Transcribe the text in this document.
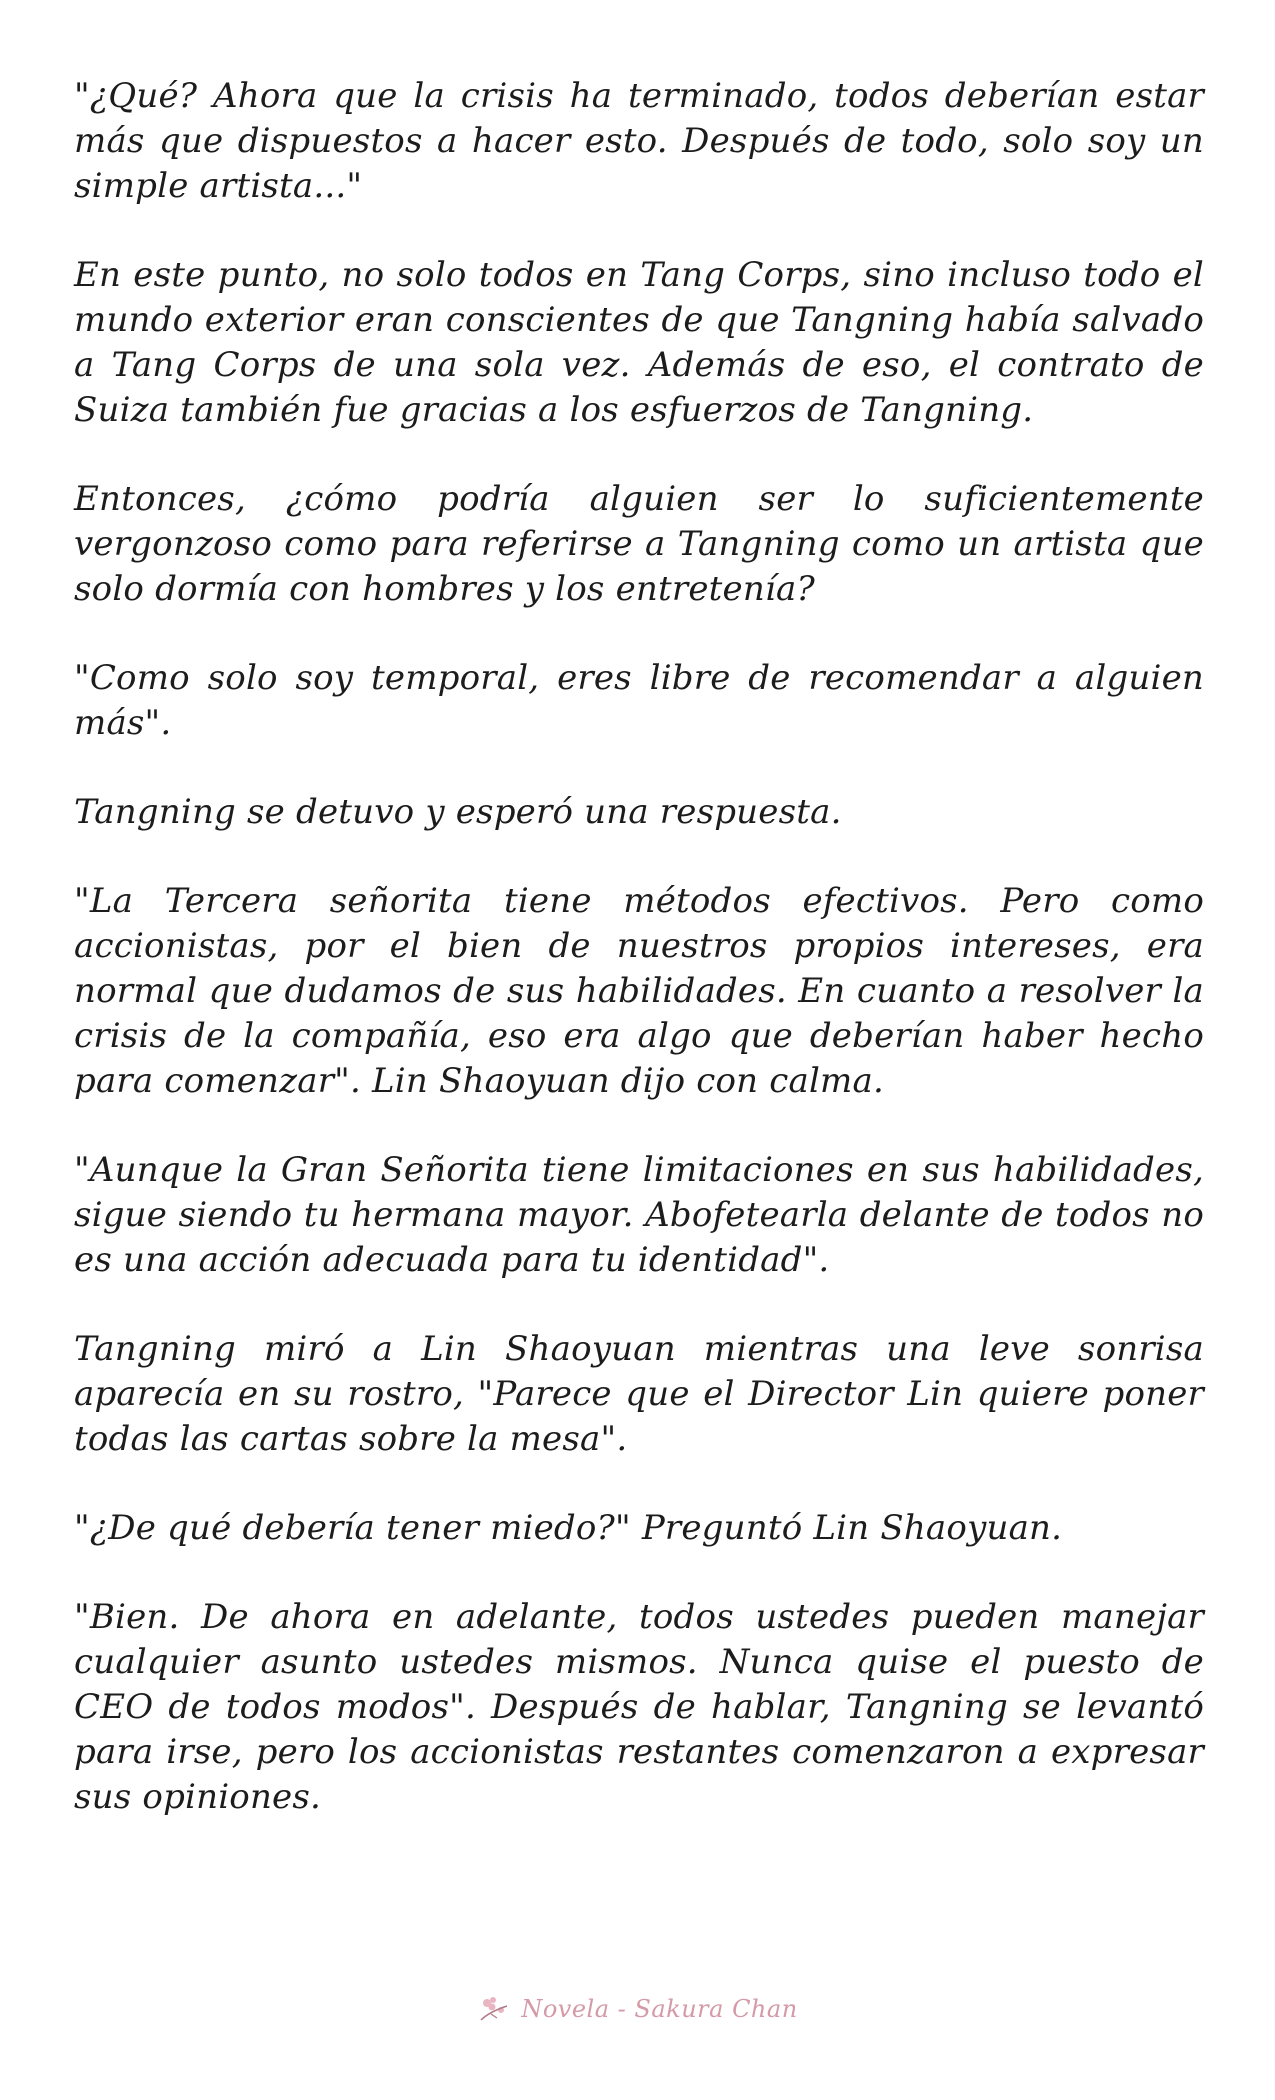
"¿Qué? Ahora que la crisis ha terminado, todos deberían estar más que dispuestos a hacer esto. Después de todo, solo soy un simple artista..."

En este punto, no solo todos en Tang Corps, sino incluso todo el mundo exterior eran conscientes de que Tangning había salvado a Tang Corps de una sola vez. Además de eso, el contrato de Suiza también fue gracias a los esfuerzos de Tangning.

Entonces, ¿cómo podría alguien ser lo suficientemente vergonzoso como para referirse a Tangning como un artista que solo dormía con hombres y los entretenía?

"Como solo soy temporal, eres libre de recomendar a alguien más".

Tangning se detuvo y esperó una respuesta.

"La Tercera señorita tiene métodos efectivos. Pero como accionistas, por el bien de nuestros propios intereses, era normal que dudamos de sus habilidades. En cuanto a resolver la crisis de la compañía, eso era algo que deberían haber hecho para comenzar". Lin Shaoyuan dijo con calma.

"Aunque la Gran Señorita tiene limitaciones en sus habilidades, sigue siendo tu hermana mayor. Abofetearla delante de todos no es una acción adecuada para tu identidad".

Tangning miró a Lin Shaoyuan mientras una leve sonrisa aparecía en su rostro, "Parece que el Director Lin quiere poner todas las cartas sobre la mesa".

"¿De qué debería tener miedo?" Preguntó Lin Shaoyuan.

"Bien. De ahora en adelante, todos ustedes pueden manejar cualquier asunto ustedes mismos. Nunca quise el puesto de CEO de todos modos". Después de hablar, Tangning se levantó para irse, pero los accionistas restantes comenzaron a expresar sus opiniones.

Novela - Sakura Chan
